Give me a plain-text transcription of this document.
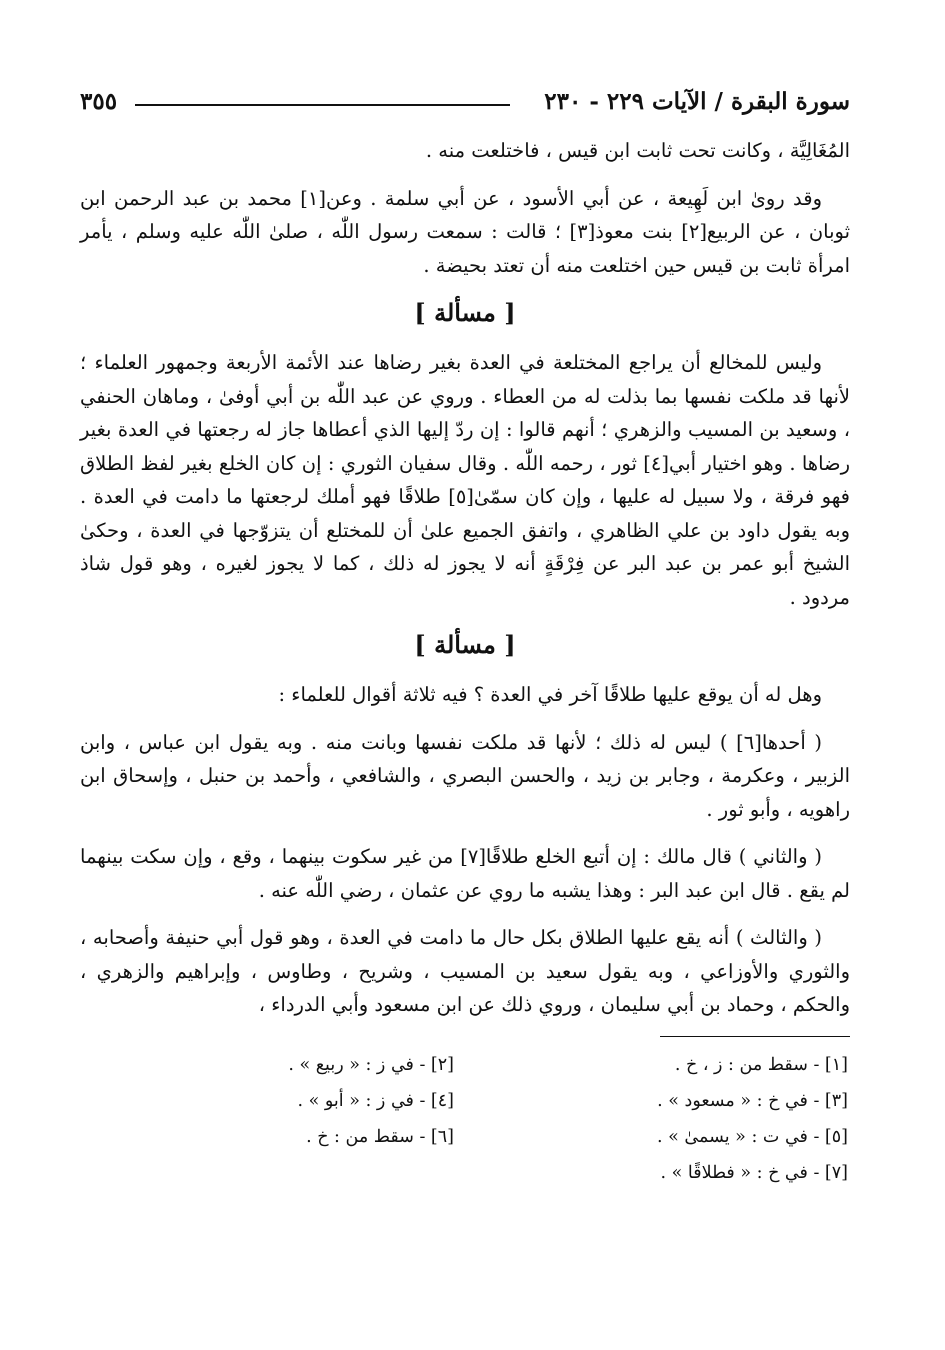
سورة البقرة / الآيات ٢٢٩ - ٢٣٠
٣٥٥

المُغَالِيَّة ، وكانت تحت ثابت ابن قيس ، فاختلعت منه .

وقد روىٰ ابن لَهِيعة ، عن أبي الأسود ، عن أبي سلمة . وعن[١] محمد بن عبد الرحمن ابن ثوبان ، عن الربيع[٢] بنت معوذ[٣] ؛ قالت : سمعت رسول اللّٰه ، صلىٰ اللّٰه عليه وسلم ، يأمر امرأة ثابت بن قيس حين اختلعت منه أن تعتد بحيضة .

[ مسألة ]

وليس للمخالع أن يراجع المختلعة في العدة بغير رضاها عند الأئمة الأربعة وجمهور العلماء ؛ لأنها قد ملكت نفسها بما بذلت له من العطاء . وروي عن عبد اللّٰه بن أبي أوفىٰ ، وماهان الحنفي ، وسعيد بن المسيب والزهري ؛ أنهم قالوا : إن ردّ إليها الذي أعطاها جاز له رجعتها في العدة بغير رضاها . وهو اختيار أبي[٤] ثور ، رحمه اللّٰه . وقال سفيان الثوري : إن كان الخلع بغير لفظ الطلاق فهو فرقة ، ولا سبيل له عليها ، وإن كان سمّىٰ[٥] طلاقًا فهو أملك لرجعتها ما دامت في العدة . وبه يقول داود بن علي الظاهري ، واتفق الجميع علىٰ أن للمختلع أن يتزوّجها في العدة ، وحكىٰ الشيخ أبو عمر بن عبد البر عن فِرْقَةٍ أنه لا يجوز له ذلك ، كما لا يجوز لغيره ، وهو قول شاذ مردود .

[ مسألة ]

وهل له أن يوقع عليها طلاقًا آخر في العدة ؟ فيه ثلاثة أقوال للعلماء :

( أحدها[٦] ) ليس له ذلك ؛ لأنها قد ملكت نفسها وبانت منه . وبه يقول ابن عباس ، وابن الزبير ، وعكرمة ، وجابر بن زيد ، والحسن البصري ، والشافعي ، وأحمد بن حنبل ، وإسحاق ابن راهويه ، وأبو ثور .

( والثاني ) قال مالك : إن أتبع الخلع طلاقًا[٧] من غير سكوت بينهما ، وقع ، وإن سكت بينهما لم يقع . قال ابن عبد البر : وهذا يشبه ما روي عن عثمان ، رضي اللّٰه عنه .

( والثالث ) أنه يقع عليها الطلاق بكل حال ما دامت في العدة ، وهو قول أبي حنيفة وأصحابه ، والثوري والأوزاعي ، وبه يقول سعيد بن المسيب ، وشريح ، وطاوس ، وإبراهيم والزهري ، والحكم ، وحماد بن أبي سليمان ، وروي ذلك عن ابن مسعود وأبي الدرداء ،

[١] - سقط من : ز ، خ .
[٢] - في ز : « ربيع » .
[٣] - في خ : « مسعود » .
[٤] - في ز : « أبو » .
[٥] - في ت : « يسمىٰ » .
[٦] - سقط من : خ .
[٧] - في خ : « فطلاقًا » .
